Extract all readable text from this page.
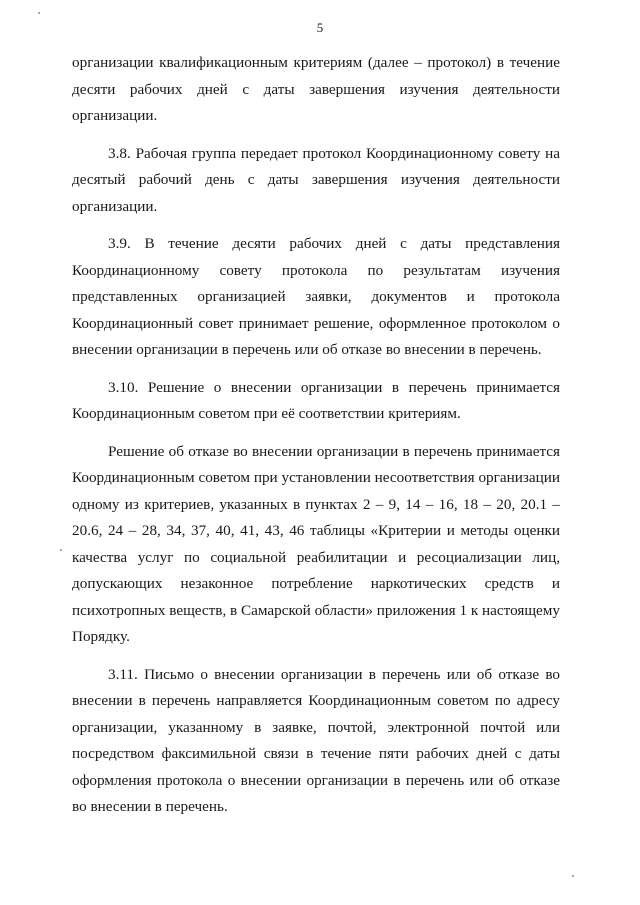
5

организации квалификационным критериям (далее – протокол) в течение десяти рабочих дней с даты завершения изучения деятельности организации.

3.8. Рабочая группа передает протокол Координационному совету на десятый рабочий день с даты завершения изучения деятельности организации.

3.9. В течение десяти рабочих дней с даты представления Координационному совету протокола по результатам изучения представленных организацией заявки, документов и протокола Координационный совет принимает решение, оформленное протоколом о внесении организации в перечень или об отказе во внесении в перечень.

3.10. Решение о внесении организации в перечень принимается Координационным советом при её соответствии критериям.

Решение об отказе во внесении организации в перечень принимается Координационным советом при установлении несоответствия организации одному из критериев, указанных в пунктах 2 – 9, 14 – 16, 18 – 20, 20.1 – 20.6, 24 – 28, 34, 37, 40, 41, 43, 46 таблицы «Критерии и методы оценки качества услуг по социальной реабилитации и ресоциализации лиц, допускающих незаконное потребление наркотических средств и психотропных веществ, в Самарской области» приложения 1 к настоящему Порядку.

3.11. Письмо о внесении организации в перечень или об отказе во внесении в перечень направляется Координационным советом по адресу организации, указанному в заявке, почтой, электронной почтой или посредством факсимильной связи в течение пяти рабочих дней с даты оформления протокола о внесении организации в перечень или об отказе во внесении в перечень.
